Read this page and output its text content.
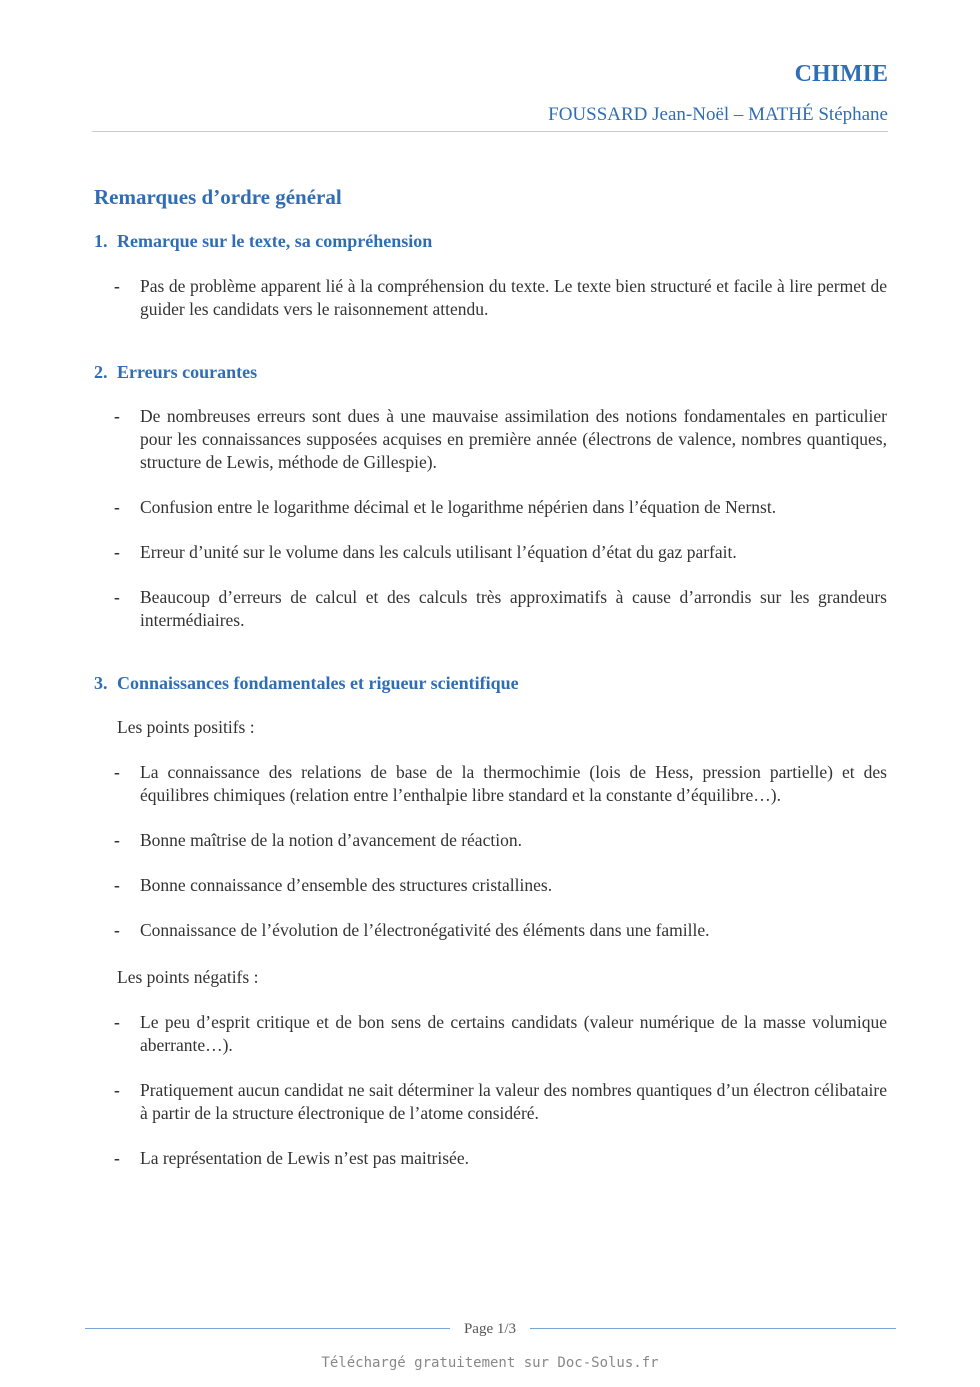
CHIMIE
FOUSSARD Jean-Noël – MATHÉ Stéphane
Remarques d’ordre général
1. Remarque sur le texte, sa compréhension
-	Pas de problème apparent lié à la compréhension du texte. Le texte bien structuré et facile à lire permet de guider les candidats vers le raisonnement attendu.
2. Erreurs courantes
-	De nombreuses erreurs sont dues à une mauvaise assimilation des notions fondamentales en particulier pour les connaissances supposées acquises en première année (électrons de valence, nombres quantiques, structure de Lewis, méthode de Gillespie).
-	Confusion entre le logarithme décimal et le logarithme népérien dans l’équation de Nernst.
-	Erreur d’unité sur le volume dans les calculs utilisant l’équation d’état du gaz parfait.
-	Beaucoup d’erreurs de calcul et des calculs très approximatifs à cause d’arrondis sur les grandeurs intermédiaires.
3. Connaissances fondamentales et rigueur scientifique
Les points positifs :
-	La connaissance des relations de base de la thermochimie (lois de Hess, pression partielle) et des équilibres chimiques (relation entre l’enthalpie libre standard et la constante d’équilibre…).
-	Bonne maîtrise de la notion d’avancement de réaction.
-	Bonne connaissance d’ensemble des structures cristallines.
-	Connaissance de l’évolution de l’électronégativité des éléments dans une famille.
Les points négatifs :
-	Le peu d’esprit critique et de bon sens de certains candidats (valeur numérique de la masse volumique aberrante…).
-	Pratiquement aucun candidat ne sait déterminer la valeur des nombres quantiques d’un électron célibataire à partir de la structure électronique de l’atome considéré.
-	La représentation de Lewis n’est pas maitrisée.
Page 1/3
Téléchargé gratuitement sur Doc-Solus.fr
